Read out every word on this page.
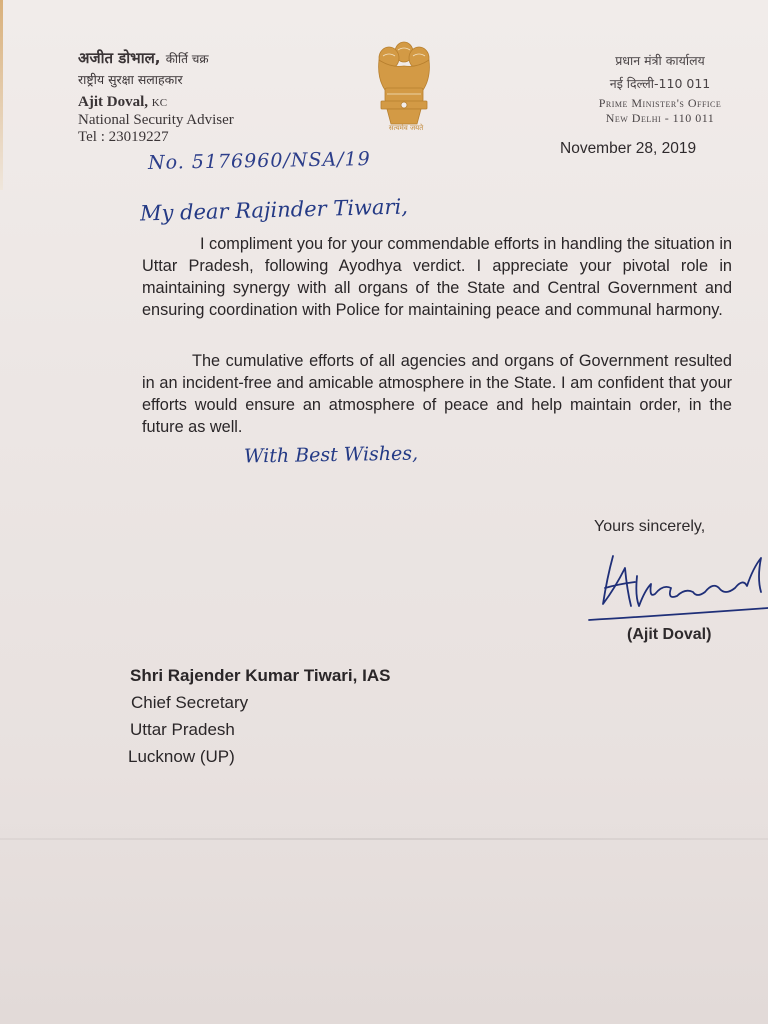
अजीत डोभाल, कीर्ति चक्र
राष्ट्रीय सुरक्षा सलाहकार
Ajit Doval, KC
National Security Adviser
Tel : 23019227
सत्यमेव जयते
प्रधान मंत्री कार्यालय
नई दिल्ली-110 011
Prime Minister's Office
New Delhi - 110 011
No. 5176960/NSA/19	November 28, 2019
My dear Rajinder Tiwari,
I compliment you for your commendable efforts in handling the situation in Uttar Pradesh, following Ayodhya verdict. I appreciate your pivotal role in maintaining synergy with all organs of the State and Central Government and ensuring coordination with Police for maintaining peace and communal harmony.
The cumulative efforts of all agencies and organs of Government resulted in an incident-free and amicable atmosphere in the State. I am confident that your efforts would ensure an atmosphere of peace and help maintain order, in the future as well.
With Best Wishes,
Yours sincerely,
(Ajit Doval)
Shri Rajender Kumar Tiwari, IAS
Chief Secretary
Uttar Pradesh
Lucknow (UP)
